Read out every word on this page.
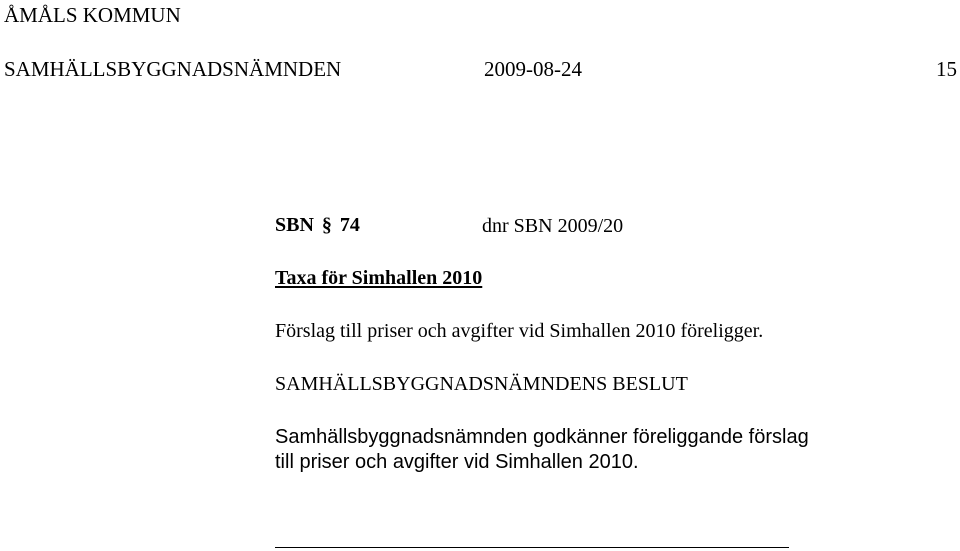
ÅMÅLS KOMMUN
SAMHÄLLSBYGGNADSNÄMNDEN	2009-08-24	15
SBN § 74	dnr SBN 2009/20
Taxa för Simhallen 2010
Förslag till priser och avgifter vid Simhallen 2010 föreligger.
SAMHÄLLSBYGGNADSNÄMNDENS BESLUT
Samhällsbyggnadsnämnden godkänner föreliggande förslag
till priser och avgifter vid Simhallen 2010.
